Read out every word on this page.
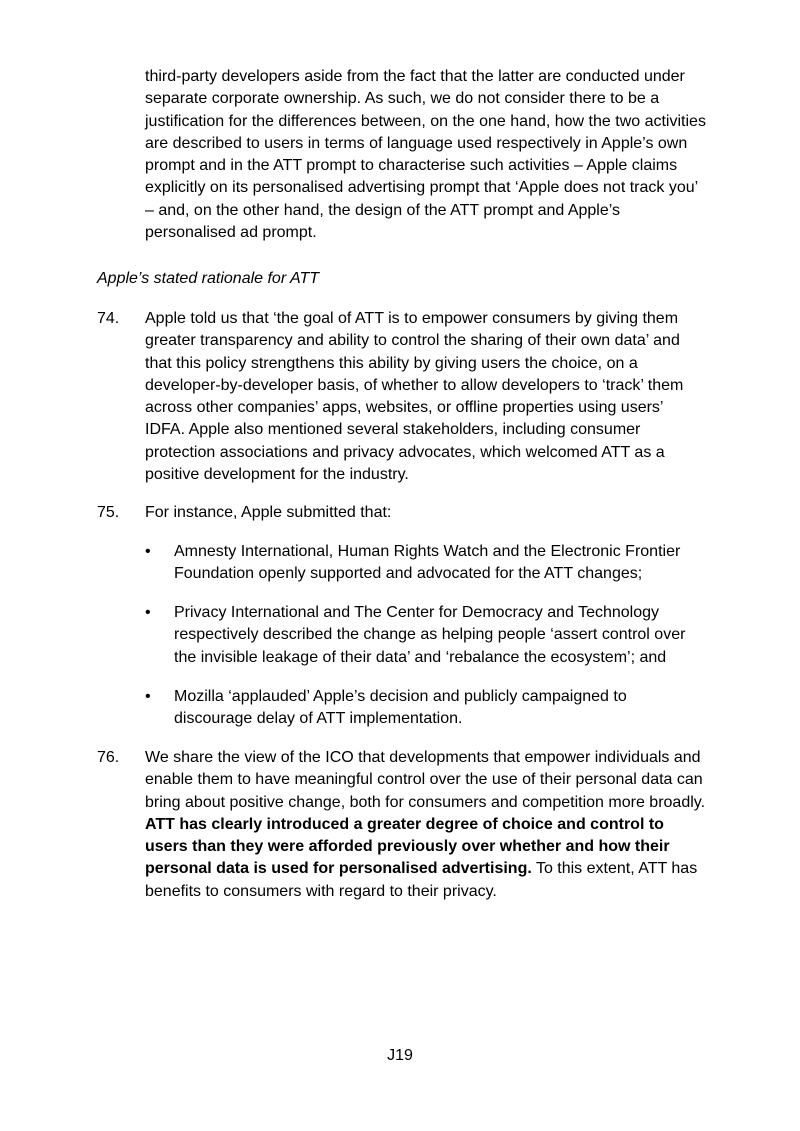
third-party developers aside from the fact that the latter are conducted under separate corporate ownership. As such, we do not consider there to be a justification for the differences between, on the one hand, how the two activities are described to users in terms of language used respectively in Apple’s own prompt and in the ATT prompt to characterise such activities – Apple claims explicitly on its personalised advertising prompt that ‘Apple does not track you’ – and, on the other hand, the design of the ATT prompt and Apple’s personalised ad prompt.

Apple’s stated rationale for ATT

74. Apple told us that ‘the goal of ATT is to empower consumers by giving them greater transparency and ability to control the sharing of their own data’ and that this policy strengthens this ability by giving users the choice, on a developer-by-developer basis, of whether to allow developers to ‘track’ them across other companies’ apps, websites, or offline properties using users’ IDFA. Apple also mentioned several stakeholders, including consumer protection associations and privacy advocates, which welcomed ATT as a positive development for the industry.

75. For instance, Apple submitted that:

• Amnesty International, Human Rights Watch and the Electronic Frontier Foundation openly supported and advocated for the ATT changes;

• Privacy International and The Center for Democracy and Technology respectively described the change as helping people ‘assert control over the invisible leakage of their data’ and ‘rebalance the ecosystem’; and

• Mozilla ‘applauded’ Apple’s decision and publicly campaigned to discourage delay of ATT implementation.

76. We share the view of the ICO that developments that empower individuals and enable them to have meaningful control over the use of their personal data can bring about positive change, both for consumers and competition more broadly. ATT has clearly introduced a greater degree of choice and control to users than they were afforded previously over whether and how their personal data is used for personalised advertising. To this extent, ATT has benefits to consumers with regard to their privacy.

J19
